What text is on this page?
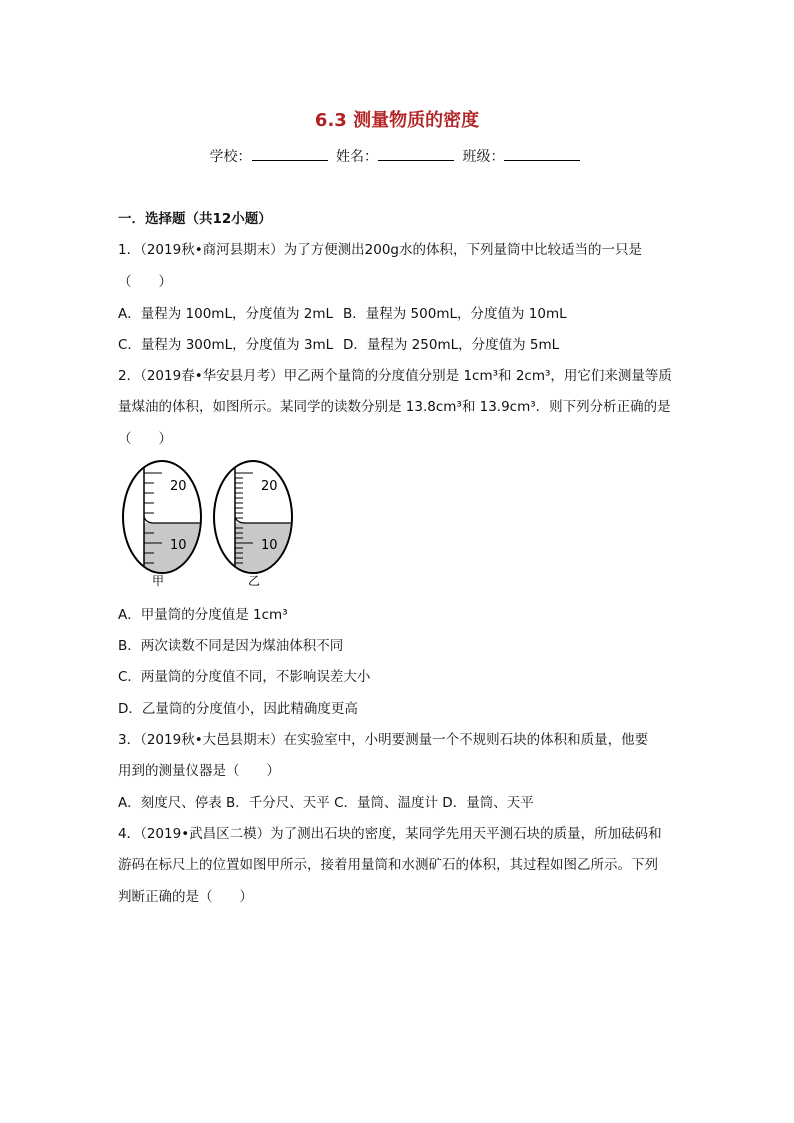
6.3 测量物质的密度
学校：	姓名：	班级：
一．选择题（共12小题）
1．（2019秋•商河县期末）为了方便测出200g水的体积，下列量筒中比较适当的一只是
（　　）
A．量程为 100mL，分度值为 2mL B．量程为 500mL，分度值为 10mL
C．量程为 300mL，分度值为 3mL D．量程为 250mL，分度值为 5mL
2．（2019春•华安县月考）甲乙两个量筒的分度值分别是 1cm³和 2cm³，用它们来测量等质
量煤油的体积，如图所示。某同学的读数分别是 13.8cm³和 13.9cm³．则下列分析正确的是
（　　）
20
10
甲
20
10
乙
A．甲量筒的分度值是 1cm³
B．两次读数不同是因为煤油体积不同
C．两量筒的分度值不同，不影响误差大小
D．乙量筒的分度值小，因此精确度更高
3．（2019秋•大邑县期末）在实验室中，小明要测量一个不规则石块的体积和质量，他要
用到的测量仪器是（　　）
A．刻度尺、停表 B．千分尺、天平 C．量筒、温度计 D．量筒、天平
4．（2019•武昌区二模）为了测出石块的密度，某同学先用天平测石块的质量，所加砝码和
游码在标尺上的位置如图甲所示，接着用量筒和水测矿石的体积，其过程如图乙所示。下列
判断正确的是（　　）
